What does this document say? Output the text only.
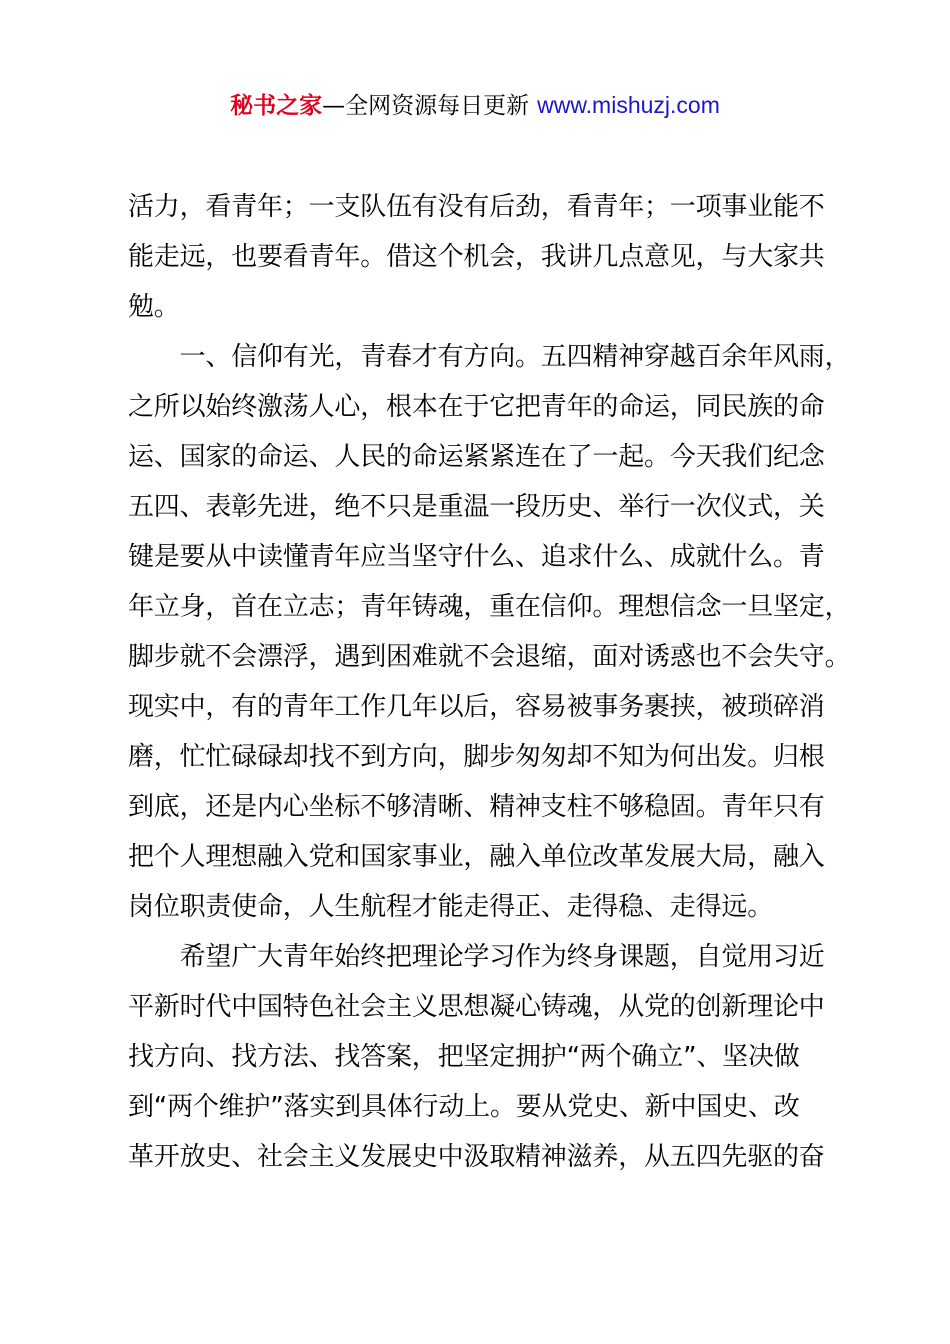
秘书之家—全网资源每日更新 www.mishuzj.com
活力，看青年；一支队伍有没有后劲，看青年；一项事业能不
能走远，也要看青年。借这个机会，我讲几点意见，与大家共
勉。
　　一、信仰有光，青春才有方向。五四精神穿越百余年风雨，
之所以始终激荡人心，根本在于它把青年的命运，同民族的命
运、国家的命运、人民的命运紧紧连在了一起。今天我们纪念
五四、表彰先进，绝不只是重温一段历史、举行一次仪式，关
键是要从中读懂青年应当坚守什么、追求什么、成就什么。青
年立身，首在立志；青年铸魂，重在信仰。理想信念一旦坚定，
脚步就不会漂浮，遇到困难就不会退缩，面对诱惑也不会失守。
现实中，有的青年工作几年以后，容易被事务裹挟，被琐碎消
磨，忙忙碌碌却找不到方向，脚步匆匆却不知为何出发。归根
到底，还是内心坐标不够清晰、精神支柱不够稳固。青年只有
把个人理想融入党和国家事业，融入单位改革发展大局，融入
岗位职责使命，人生航程才能走得正、走得稳、走得远。
　　希望广大青年始终把理论学习作为终身课题，自觉用习近
平新时代中国特色社会主义思想凝心铸魂，从党的创新理论中
找方向、找方法、找答案，把坚定拥护“两个确立”、坚决做
到“两个维护”落实到具体行动上。要从党史、新中国史、改
革开放史、社会主义发展史中汲取精神滋养，从五四先驱的奋
